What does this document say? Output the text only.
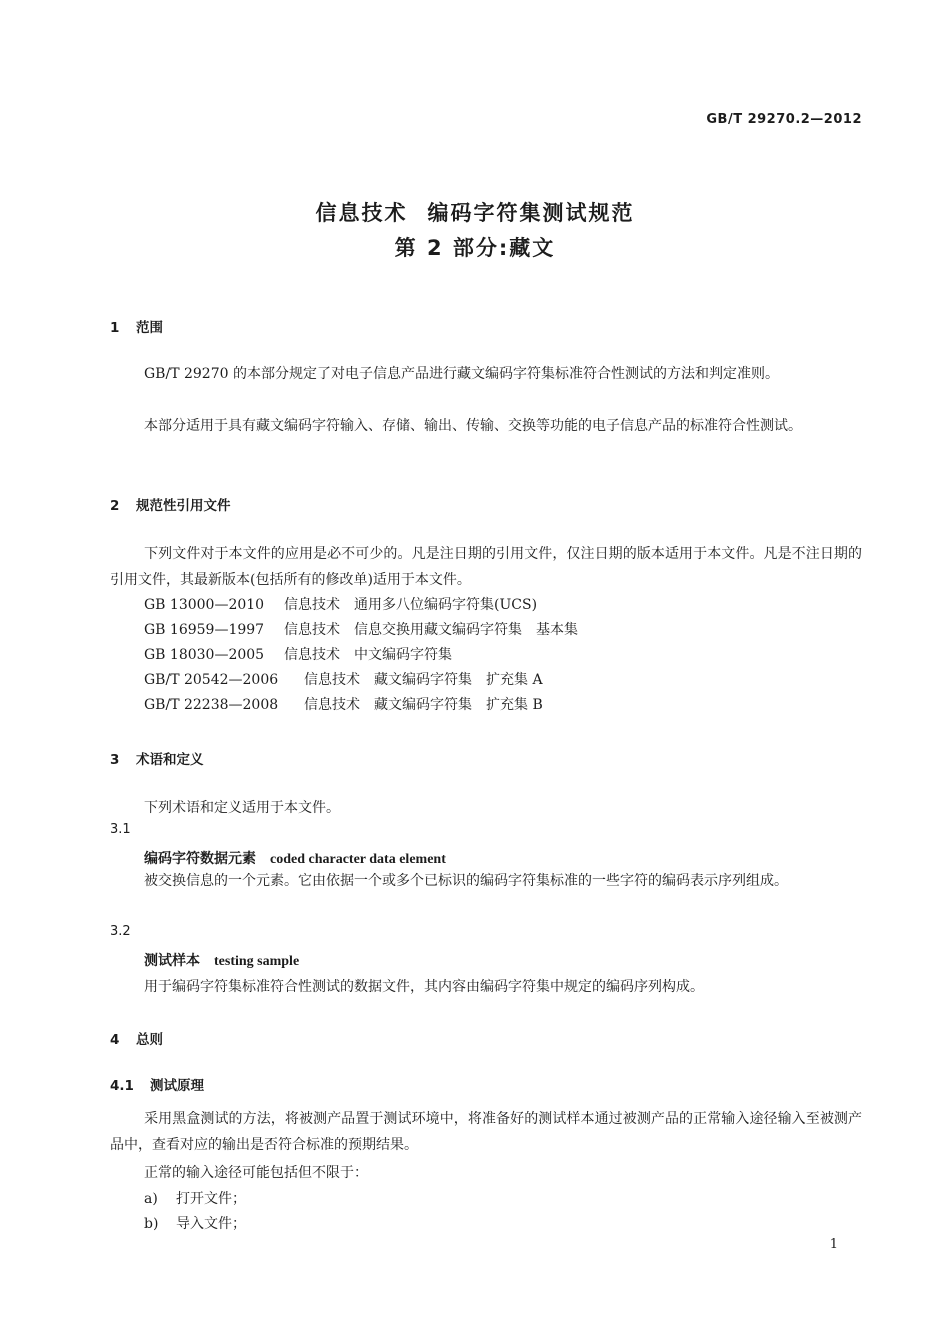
GB/T 29270.2—2012
信息技术 编码字符集测试规范
第 2 部分:藏文
1 范围
GB/T 29270 的本部分规定了对电子信息产品进行藏文编码字符集标准符合性测试的方法和判定准则。
本部分适用于具有藏文编码字符输入、存储、输出、传输、交换等功能的电子信息产品的标准符合性测试。
2 规范性引用文件
下列文件对于本文件的应用是必不可少的。凡是注日期的引用文件，仅注日期的版本适用于本文件。凡是不注日期的引用文件，其最新版本(包括所有的修改单)适用于本文件。
GB 13000—2010 信息技术　通用多八位编码字符集(UCS)
GB 16959—1997 信息技术　信息交换用藏文编码字符集　基本集
GB 18030—2005 信息技术　中文编码字符集
GB/T 20542—2006 信息技术　藏文编码字符集　扩充集 A
GB/T 22238—2008 信息技术　藏文编码字符集　扩充集 B
3 术语和定义
下列术语和定义适用于本文件。
3.1
编码字符数据元素 coded character data element
被交换信息的一个元素。它由依据一个或多个已标识的编码字符集标准的一些字符的编码表示序列组成。
3.2
测试样本 testing sample
用于编码字符集标准符合性测试的数据文件，其内容由编码字符集中规定的编码序列构成。
4 总则
4.1 测试原理
采用黑盒测试的方法，将被测产品置于测试环境中，将准备好的测试样本通过被测产品的正常输入途径输入至被测产品中，查看对应的输出是否符合标准的预期结果。
正常的输入途径可能包括但不限于：
a) 打开文件；
b) 导入文件；
1
